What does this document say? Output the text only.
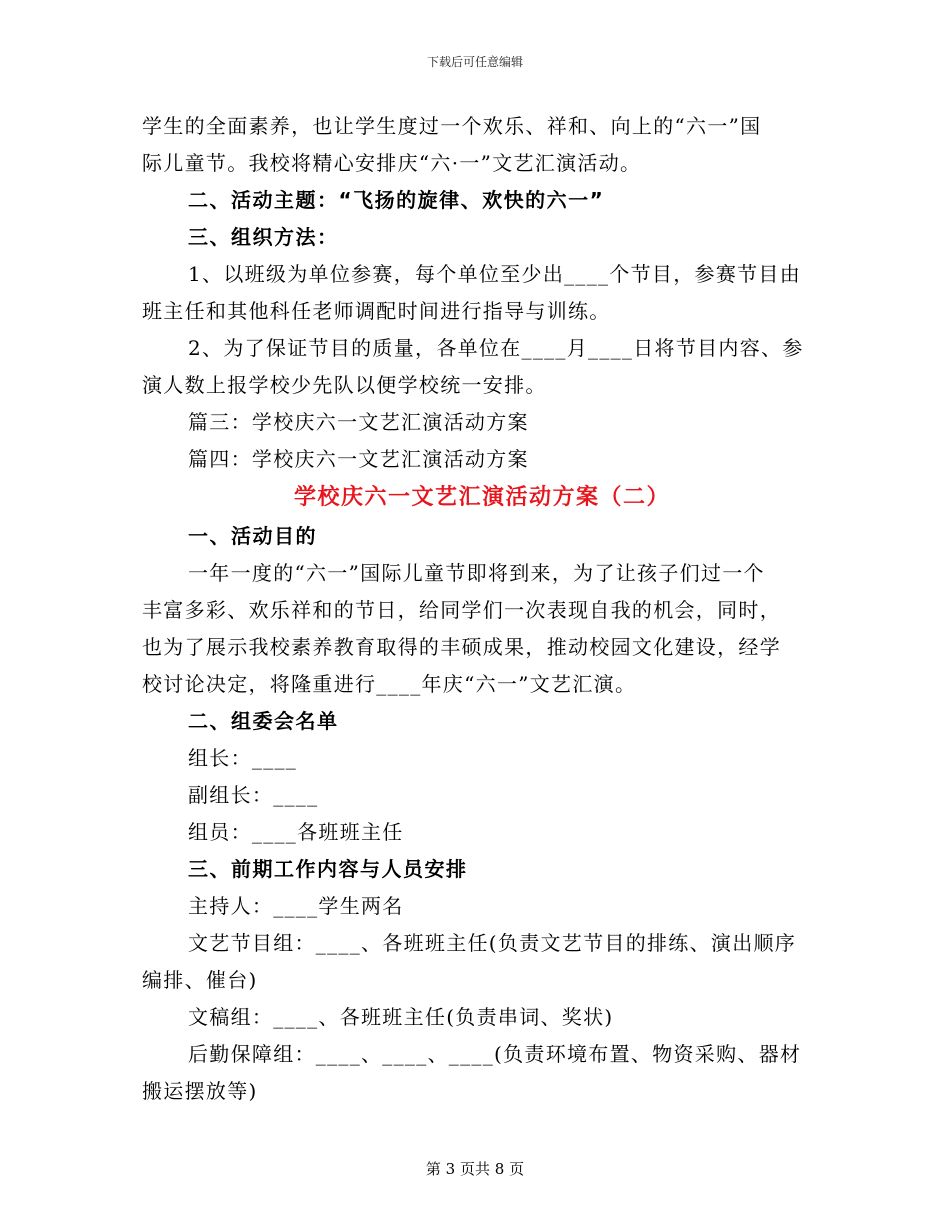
下载后可任意编辑
学生的全面素养，也让学生度过一个欢乐、祥和、向上的“六一”国
际儿童节。我校将精心安排庆“六·一”文艺汇演活动。
二、活动主题：“飞扬的旋律、欢快的六一”
三、组织方法：
1、以班级为单位参赛，每个单位至少出____个节目，参赛节目由
班主任和其他科任老师调配时间进行指导与训练。
2、为了保证节目的质量，各单位在____月____日将节目内容、参
演人数上报学校少先队以便学校统一安排。
篇三：学校庆六一文艺汇演活动方案
篇四：学校庆六一文艺汇演活动方案
学校庆六一文艺汇演活动方案（二）
一、活动目的
一年一度的“六一”国际儿童节即将到来，为了让孩子们过一个
丰富多彩、欢乐祥和的节日，给同学们一次表现自我的机会，同时，
也为了展示我校素养教育取得的丰硕成果，推动校园文化建设，经学
校讨论决定，将隆重进行____年庆“六一”文艺汇演。
二、组委会名单
组长：____
副组长：____
组员：____各班班主任
三、前期工作内容与人员安排
主持人：____学生两名
文艺节目组：____、各班班主任(负责文艺节目的排练、演出顺序
编排、催台)
文稿组：____、各班班主任(负责串词、奖状)
后勤保障组：____、____、____(负责环境布置、物资采购、器材
搬运摆放等)
第 3 页共 8 页
